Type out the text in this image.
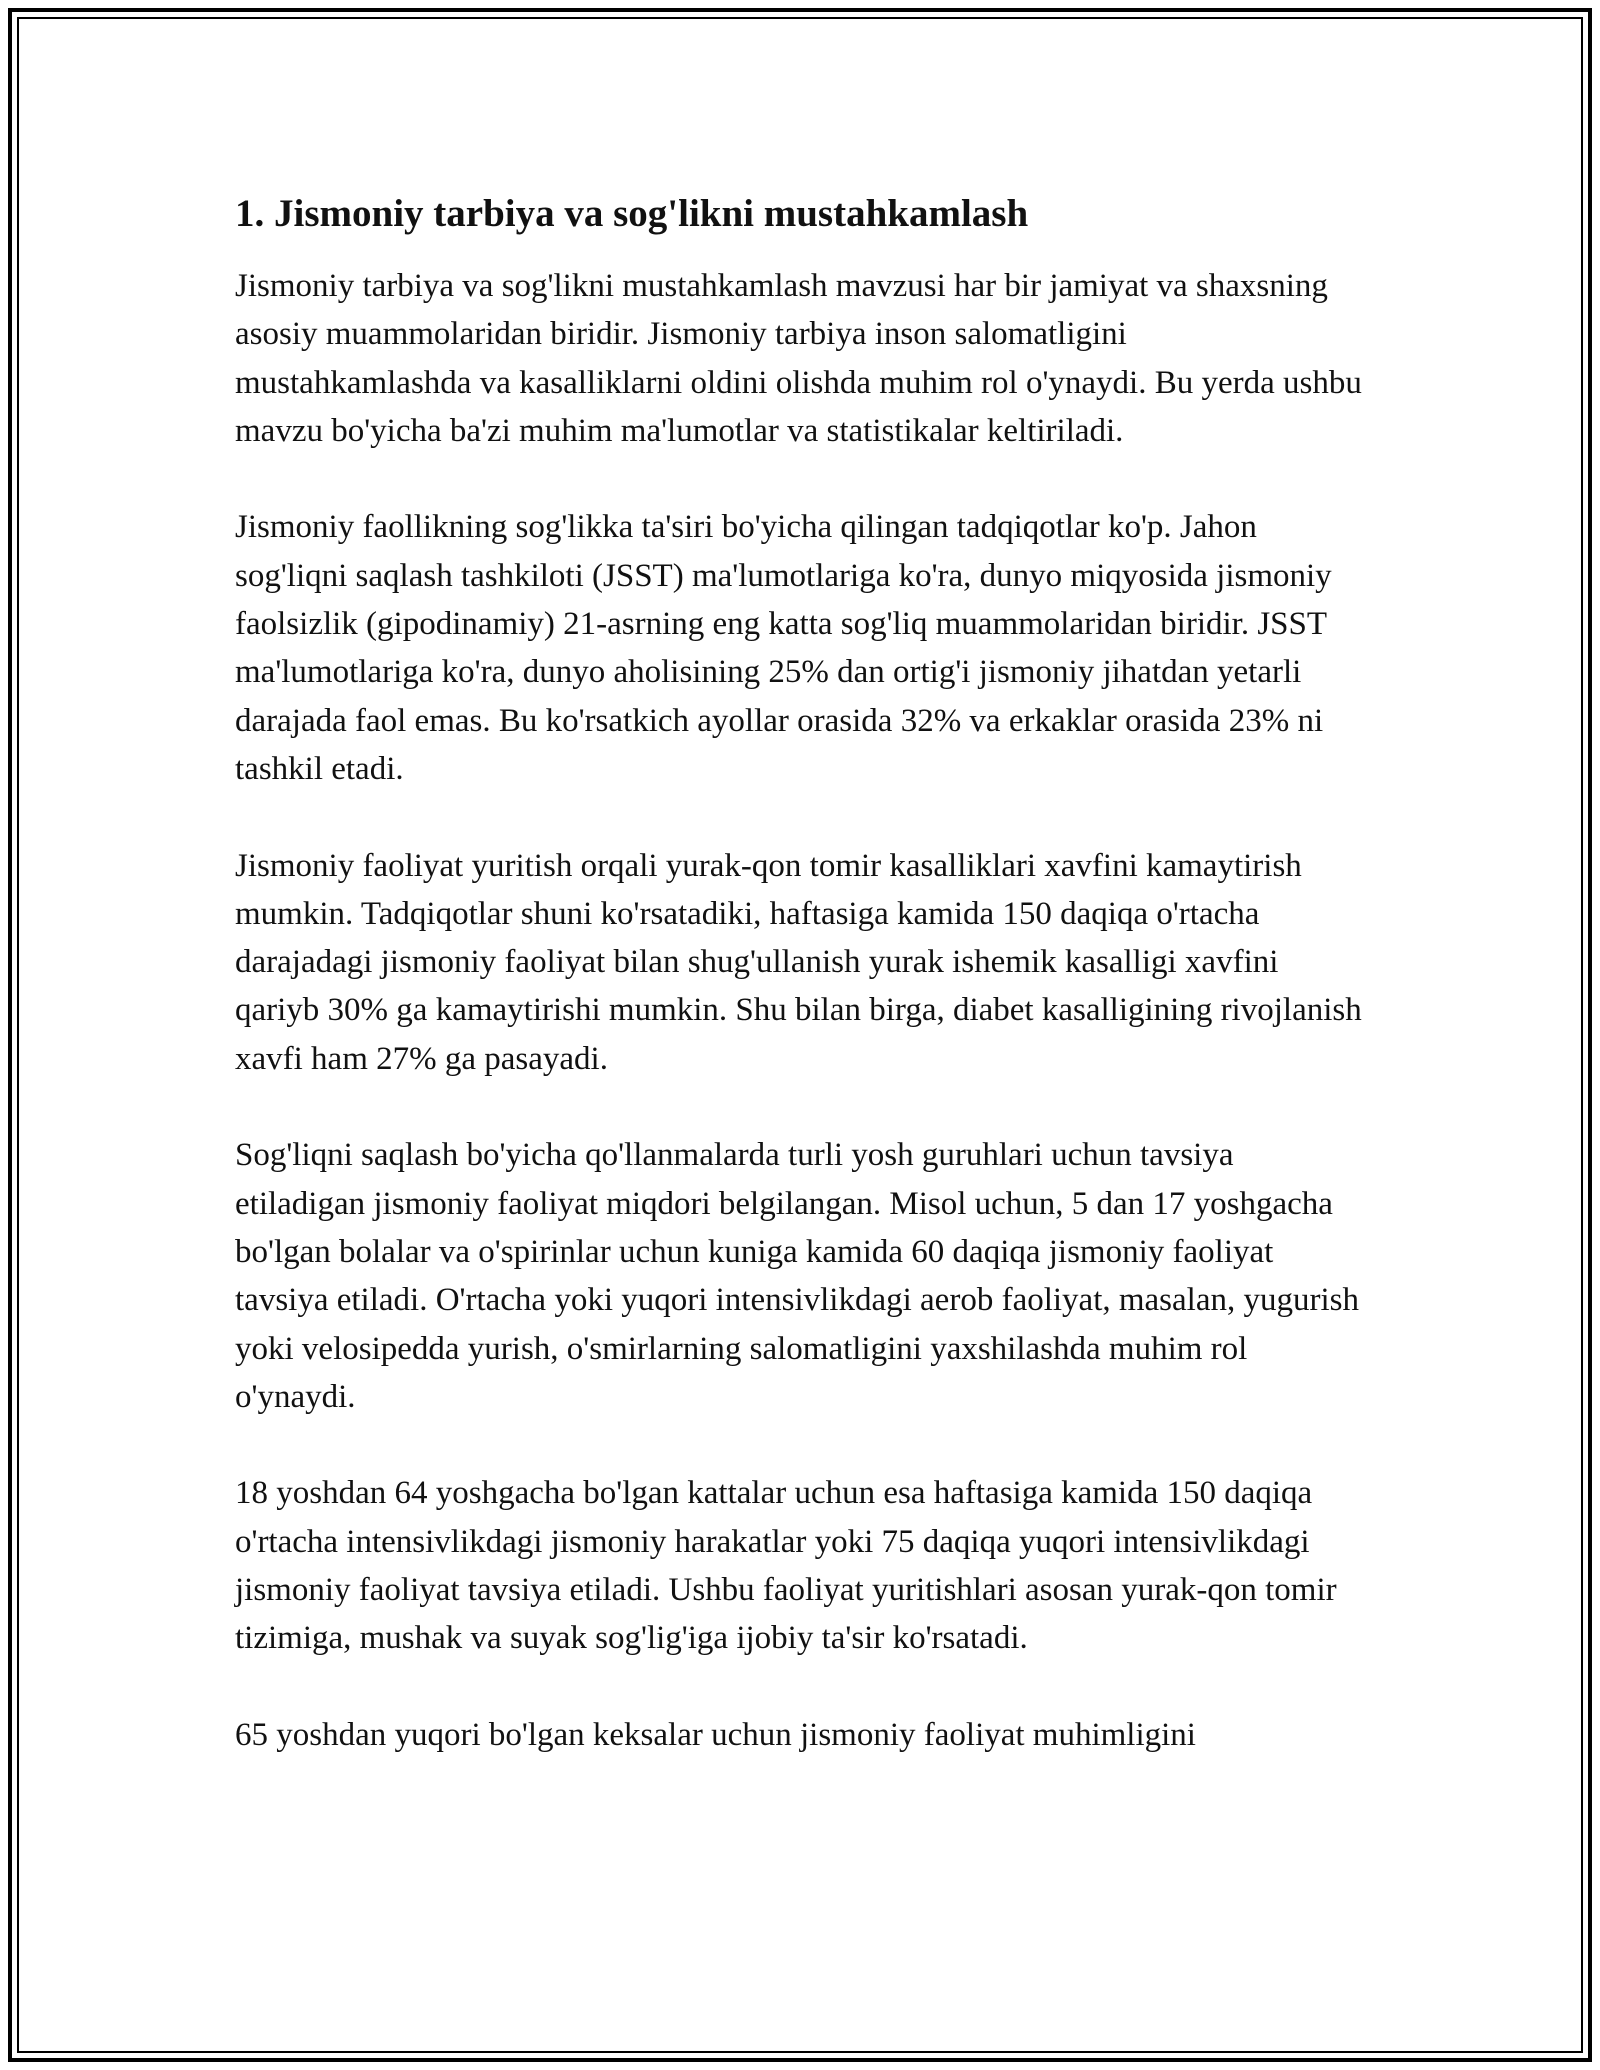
1. Jismoniy tarbiya va sog'likni mustahkamlash

Jismoniy tarbiya va sog'likni mustahkamlash mavzusi har bir jamiyat va shaxsning asosiy muammolaridan biridir. Jismoniy tarbiya inson salomatligini mustahkamlashda va kasalliklarni oldini olishda muhim rol o'ynaydi. Bu yerda ushbu mavzu bo'yicha ba'zi muhim ma'lumotlar va statistikalar keltiriladi.

Jismoniy faollikning sog'likka ta'siri bo'yicha qilingan tadqiqotlar ko'p. Jahon sog'liqni saqlash tashkiloti (JSST) ma'lumotlariga ko'ra, dunyo miqyosida jismoniy faolsizlik (gipodinamiy) 21-asrning eng katta sog'liq muammolaridan biridir. JSST ma'lumotlariga ko'ra, dunyo aholisining 25% dan ortig'i jismoniy jihatdan yetarli darajada faol emas. Bu ko'rsatkich ayollar orasida 32% va erkaklar orasida 23% ni tashkil etadi.

Jismoniy faoliyat yuritish orqali yurak-qon tomir kasalliklari xavfini kamaytirish mumkin. Tadqiqotlar shuni ko'rsatadiki, haftasiga kamida 150 daqiqa o'rtacha darajadagi jismoniy faoliyat bilan shug'ullanish yurak ishemik kasalligi xavfini qariyb 30% ga kamaytirishi mumkin. Shu bilan birga, diabet kasalligining rivojlanish xavfi ham 27% ga pasayadi.

Sog'liqni saqlash bo'yicha qo'llanmalarda turli yosh guruhlari uchun tavsiya etiladigan jismoniy faoliyat miqdori belgilangan. Misol uchun, 5 dan 17 yoshgacha bo'lgan bolalar va o'spirinlar uchun kuniga kamida 60 daqiqa jismoniy faoliyat tavsiya etiladi. O'rtacha yoki yuqori intensivlikdagi aerob faoliyat, masalan, yugurish yoki velosipedda yurish, o'smirlarning salomatligini yaxshilashda muhim rol o'ynaydi.

18 yoshdan 64 yoshgacha bo'lgan kattalar uchun esa haftasiga kamida 150 daqiqa o'rtacha intensivlikdagi jismoniy harakatlar yoki 75 daqiqa yuqori intensivlikdagi jismoniy faoliyat tavsiya etiladi. Ushbu faoliyat yuritishlari asosan yurak-qon tomir tizimiga, mushak va suyak sog'lig'iga ijobiy ta'sir ko'rsatadi.

65 yoshdan yuqori bo'lgan keksalar uchun jismoniy faoliyat muhimligini
